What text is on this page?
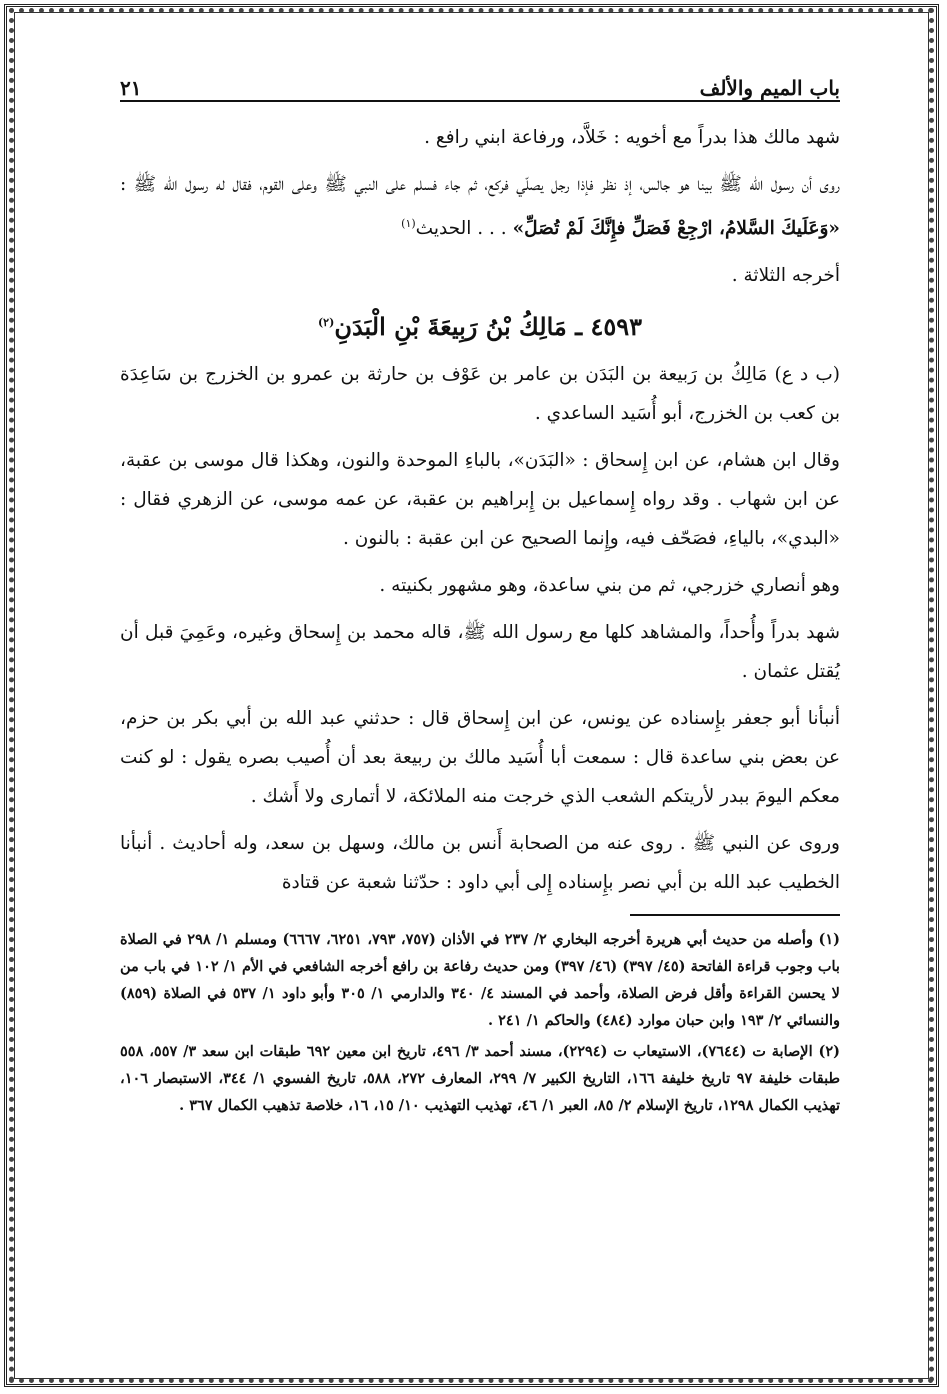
باب الميم والألف
٢١

شهد مالك هذا بدراً مع أخويه : خَلاَّد، ورفاعة ابني رافع .

روى أن رسول الله ﷺ بينا هو جالس، إذ نظر فإذا رجل يصلّي فركع، ثم جاء فسلم على النبي ﷺ وعلى القوم، فقال له رسول الله ﷺ : «وَعَلَيكَ السَّلامُ، ارْجِعْ فَصَلِّ فإِنَّكَ لَمْ تُصَلِّ» . . . الحديث$^{(١)}$

أخرجه الثلاثة .

٤٥٩٣ ـ مَالِكُ بْنُ رَبِيعَةَ بْنِ الْبَدَنِ$^{(٢)}$

(ب د ع) مَالِكُ بن رَبيعة بن البَدَن بن عامر بن عَوْف بن حارثة بن عمرو بن الخزرج بن سَاعِدَة بن كعب بن الخزرج، أبو أُسَيد الساعدي .

وقال ابن هشام، عن ابن إِسحاق : «البَدَن»، بالباءِ الموحدة والنون، وهكذا قال موسى بن عقبة، عن ابن شهاب . وقد رواه إِسماعيل بن إِبراهيم بن عقبة، عن عمه موسى، عن الزهري فقال : «البدي»، بالياءِ، فصَحّف فيه، وإِنما الصحيح عن ابن عقبة : بالنون .

وهو أنصاري خزرجي، ثم من بني ساعدة، وهو مشهور بكنيته .

شهد بدراً وأُحداً، والمشاهد كلها مع رسول الله ﷺ، قاله محمد بن إِسحاق وغيره، وعَمِيَ قبل أن يُقتل عثمان .

أنبأنا أبو جعفر بإِسناده عن يونس، عن ابن إِسحاق قال : حدثني عبد الله بن أبي بكر بن حزم، عن بعض بني ساعدة قال : سمعت أبا أُسَيد مالك بن ربيعة بعد أن أُصيب بصره يقول : لو كنت معكم اليومَ ببدر لأريتكم الشعب الذي خرجت منه الملائكة، لا أتمارى ولا أَشك .

وروى عن النبي ﷺ . روى عنه من الصحابة أَنس بن مالك، وسهل بن سعد، وله أحاديث . أنبأنا الخطيب عبد الله بن أبي نصر بإِسناده إِلى أبي داود : حدّثنا شعبة عن قتادة

(١) وأصله من حديث أبي هريرة أخرجه البخاري ٢/ ٢٣٧ في الأذان (٧٥٧، ٧٩٣، ٦٢٥١، ٦٦٦٧) ومسلم ١/ ٢٩٨ في الصلاة باب وجوب قراءة الفاتحة (٤٥/ ٣٩٧) (٤٦/ ٣٩٧) ومن حديث رفاعة بن رافع أخرجه الشافعي في الأم ١/ ١٠٢ في باب من لا يحسن القراءة وأقل فرض الصلاة، وأحمد في المسند ٤/ ٣٤٠ والدارمي ١/ ٣٠٥ وأبو داود ١/ ٥٣٧ في الصلاة (٨٥٩) والنسائي ٢/ ١٩٣ وابن حبان موارد (٤٨٤) والحاكم ١/ ٢٤١ .

(٢) الإصابة ت (٧٦٤٤)، الاستيعاب ت (٢٢٩٤)، مسند أحمد ٣/ ٤٩٦، تاريخ ابن معين ٦٩٢ طبقات ابن سعد ٣/ ٥٥٧، ٥٥٨ طبقات خليفة ٩٧ تاريخ خليفة ١٦٦، التاريخ الكبير ٧/ ٢٩٩، المعارف ٢٧٢، ٥٨٨، تاريخ الفسوي ١/ ٣٤٤، الاستبصار ١٠٦، تهذيب الكمال ١٢٩٨، تاريخ الإسلام ٢/ ٨٥، العبر ١/ ٤٦، تهذيب التهذيب ١٠/ ١٥، ١٦، خلاصة تذهيب الكمال ٣٦٧ .
